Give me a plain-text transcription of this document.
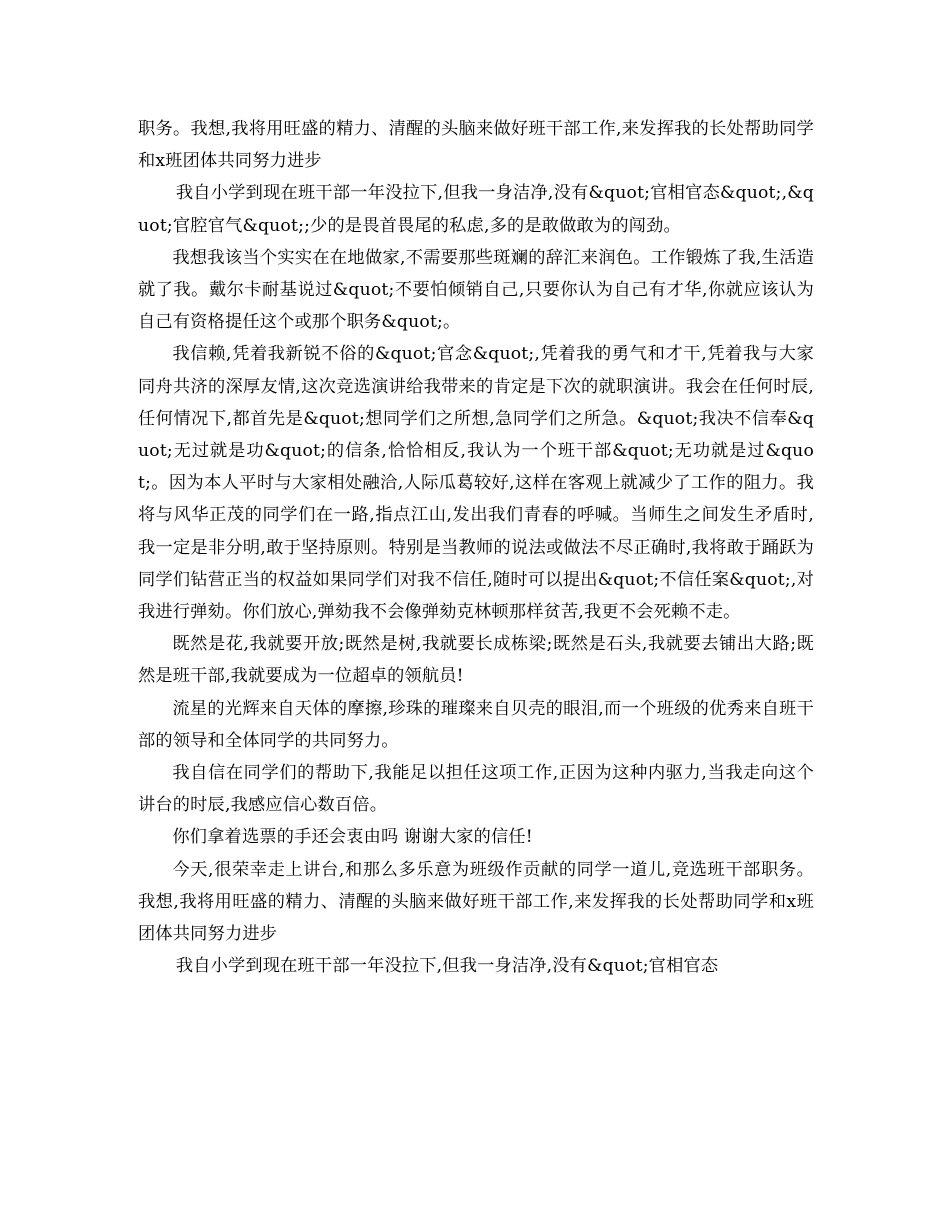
职务。我想,我将用旺盛的精力、清醒的头脑来做好班干部工作,来发挥我的长处帮助同学和x班团体共同努力进步

我自小学到现在班干部一年没拉下,但我一身洁净,没有&quot;官相官态&quot;,&quot;官腔官气&quot;;少的是畏首畏尾的私虑,多的是敢做敢为的闯劲。

我想我该当个实实在在地做家,不需要那些斑斓的辞汇来润色。工作锻炼了我,生活造就了我。戴尔卡耐基说过&quot;不要怕倾销自己,只要你认为自己有才华,你就应该认为自己有资格提任这个或那个职务&quot;。

我信赖,凭着我新锐不俗的&quot;官念&quot;,凭着我的勇气和才干,凭着我与大家同舟共济的深厚友情,这次竞选演讲给我带来的肯定是下次的就职演讲。我会在任何时辰,任何情况下,都首先是&quot;想同学们之所想,急同学们之所急。&quot;我决不信奉&quot;无过就是功&quot;的信条,恰恰相反,我认为一个班干部&quot;无功就是过&quot;。因为本人平时与大家相处融洽,人际瓜葛较好,这样在客观上就减少了工作的阻力。我将与风华正茂的同学们在一路,指点江山,发出我们青春的呼喊。当师生之间发生矛盾时,我一定是非分明,敢于坚持原则。特别是当教师的说法或做法不尽正确时,我将敢于踊跃为同学们钻营正当的权益如果同学们对我不信任,随时可以提出&quot;不信任案&quot;,对我进行弹劾。你们放心,弹劾我不会像弹劾克林顿那样贫苦,我更不会死赖不走。

既然是花,我就要开放;既然是树,我就要长成栋梁;既然是石头,我就要去铺出大路;既然是班干部,我就要成为一位超卓的领航员!

流星的光辉来自天体的摩擦,珍珠的璀璨来自贝壳的眼泪,而一个班级的优秀来自班干部的领导和全体同学的共同努力。

我自信在同学们的帮助下,我能足以担任这项工作,正因为这种内驱力,当我走向这个讲台的时辰,我感应信心数百倍。

你们拿着选票的手还会衷由吗 谢谢大家的信任!

今天,很荣幸走上讲台,和那么多乐意为班级作贡献的同学一道儿,竞选班干部职务。我想,我将用旺盛的精力、清醒的头脑来做好班干部工作,来发挥我的长处帮助同学和x班团体共同努力进步

我自小学到现在班干部一年没拉下,但我一身洁净,没有&quot;官相官态
